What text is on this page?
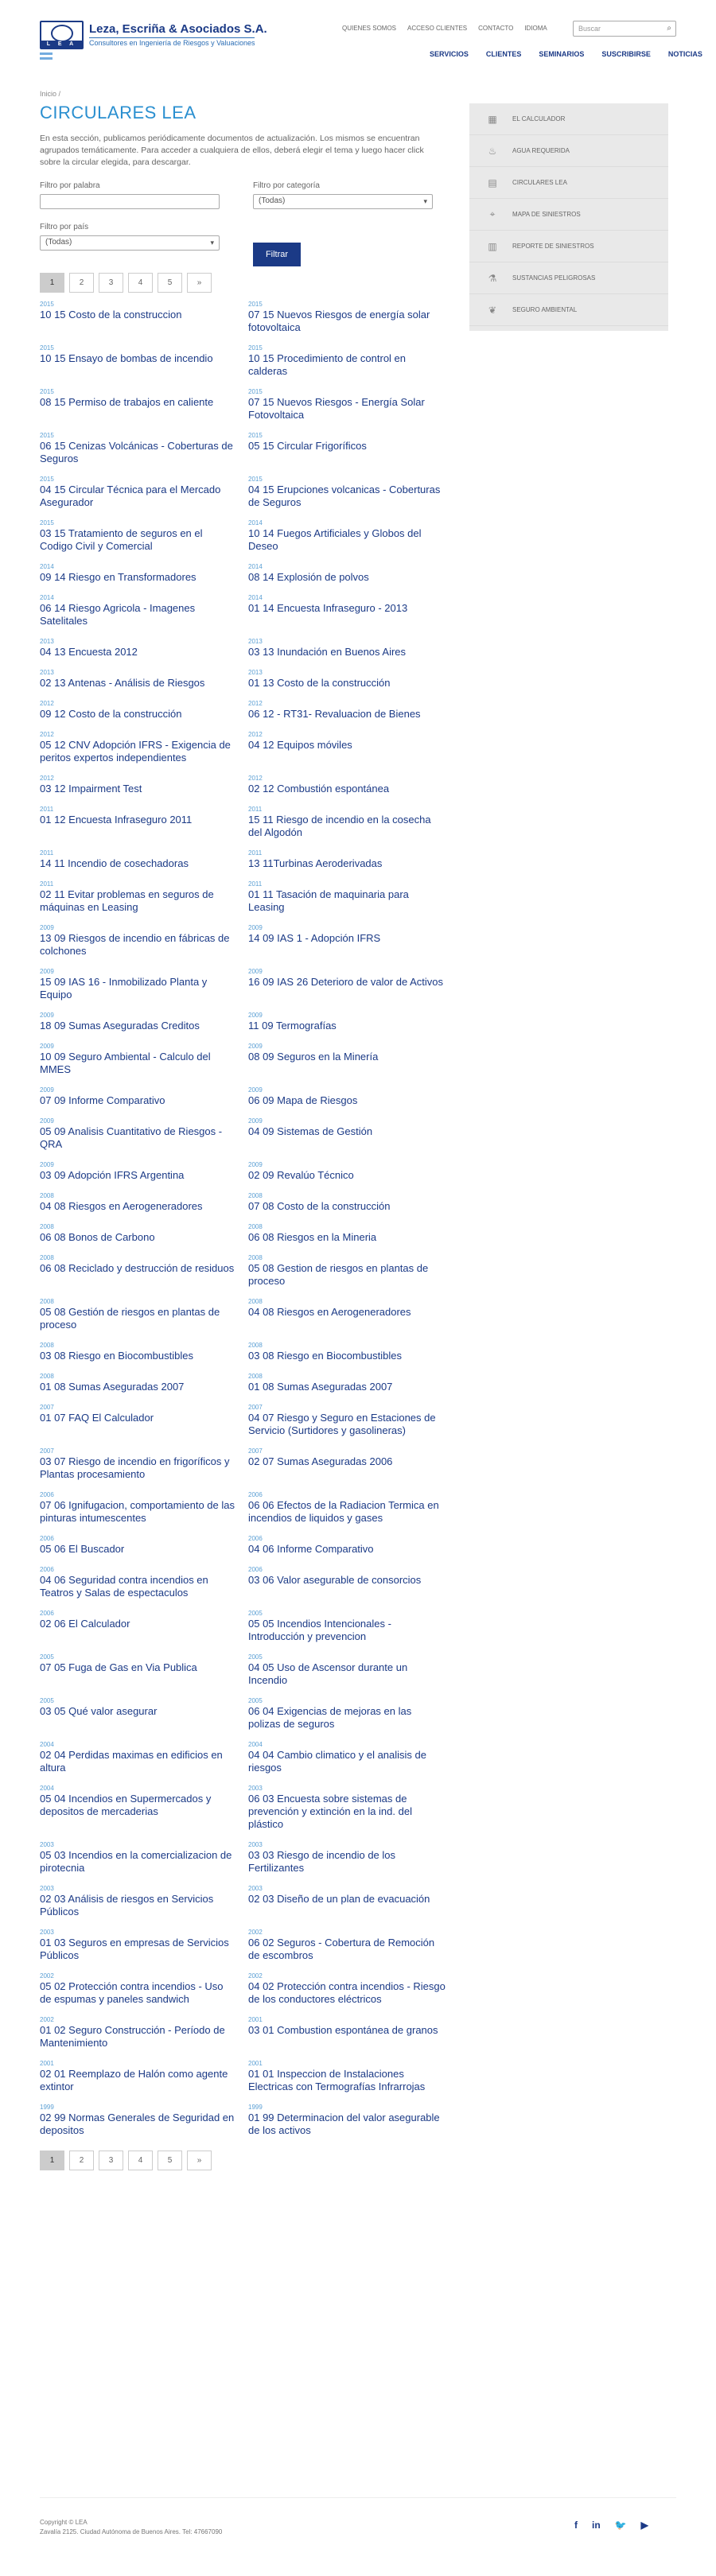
L E A
Leza, Escriña & Asociados S.A.
Consultores en Ingeniería de Riesgos y Valuaciones
QUIENES SOMOS ACCESO CLIENTES CONTACTO IDIOMA	Buscar	⌕
SERVICIOS CLIENTES SEMINARIOS SUSCRIBIRSE NOTICIAS
Inicio /
CIRCULARES LEA

En esta sección, publicamos periódicamente documentos de actualización. Los mismos se encuentran agrupados temáticamente. Para acceder a cualquiera de ellos, deberá elegir el tema y luego hacer click sobre la circular elegida, para descargar.

Filtro por palabra	Filtro por categoría
(Todas)	▾
Filtro por país
(Todas)	▾
Filtrar
1	2	3	4	5	»
2015
10 15 Costo de la construccion
2015
07 15 Nuevos Riesgos de energía solar fotovoltaica
2015
10 15 Ensayo de bombas de incendio
2015
10 15 Procedimiento de control en calderas
2015
08 15 Permiso de trabajos en caliente
2015
07 15 Nuevos Riesgos - Energía Solar Fotovoltaica
2015
06 15 Cenizas Volcánicas - Coberturas de Seguros
2015
05 15 Circular Frigoríficos
2015
04 15 Circular Técnica para el Mercado Asegurador
2015
04 15 Erupciones volcanicas - Coberturas de Seguros
2015
03 15 Tratamiento de seguros en el Codigo Civil y Comercial
2014
10 14 Fuegos Artificiales y Globos del Deseo
2014
09 14 Riesgo en Transformadores
2014
08 14 Explosión de polvos
2014
06 14 Riesgo Agricola - Imagenes Satelitales
2014
01 14 Encuesta Infraseguro - 2013
2013
04 13 Encuesta 2012
2013
03 13 Inundación en Buenos Aires
2013
02 13 Antenas - Análisis de Riesgos
2013
01 13 Costo de la construcción
2012
09 12 Costo de la construcción
2012
06 12 - RT31- Revaluacion de Bienes
2012
05 12 CNV Adopción IFRS - Exigencia de peritos expertos independientes
2012
04 12 Equipos móviles
2012
03 12 Impairment Test
2012
02 12 Combustión espontánea
2011
01 12 Encuesta Infraseguro 2011
2011
15 11 Riesgo de incendio en la cosecha del Algodón
2011
14 11 Incendio de cosechadoras
2011
13 11Turbinas Aeroderivadas
2011
02 11 Evitar problemas en seguros de máquinas en Leasing
2011
01 11 Tasación de maquinaria para Leasing
2009
13 09 Riesgos de incendio en fábricas de colchones
2009
14 09 IAS 1 - Adopción IFRS
2009
15 09 IAS 16 - Inmobilizado Planta y Equipo
2009
16 09 IAS 26 Deterioro de valor de Activos
2009
18 09 Sumas Aseguradas Creditos
2009
11 09 Termografías
2009
10 09 Seguro Ambiental - Calculo del MMES
2009
08 09 Seguros en la Minería
2009
07 09 Informe Comparativo
2009
06 09 Mapa de Riesgos
2009
05 09 Analisis Cuantitativo de Riesgos - QRA
2009
04 09 Sistemas de Gestión
2009
03 09 Adopción IFRS Argentina
2009
02 09 Revalúo Técnico
2008
04 08 Riesgos en Aerogeneradores
2008
07 08 Costo de la construcción
2008
06 08 Bonos de Carbono
2008
06 08 Riesgos en la Mineria
2008
06 08 Reciclado y destrucción de residuos
2008
05 08 Gestion de riesgos en plantas de proceso
2008
05 08 Gestión de riesgos en plantas de proceso
2008
04 08 Riesgos en Aerogeneradores
2008
03 08 Riesgo en Biocombustibles
2008
03 08 Riesgo en Biocombustibles
2008
01 08 Sumas Aseguradas 2007
2008
01 08 Sumas Aseguradas 2007
2007
01 07 FAQ El Calculador
2007
04 07 Riesgo y Seguro en Estaciones de Servicio (Surtidores y gasolineras)
2007
03 07 Riesgo de incendio en frigoríficos y Plantas procesamiento
2007
02 07 Sumas Aseguradas 2006
2006
07 06 Ignifugacion, comportamiento de las pinturas intumescentes
2006
06 06 Efectos de la Radiacion Termica en incendios de liquidos y gases
2006
05 06 El Buscador
2006
04 06 Informe Comparativo
2006
04 06 Seguridad contra incendios en Teatros y Salas de espectaculos
2006
03 06 Valor asegurable de consorcios
2006
02 06 El Calculador
2005
05 05 Incendios Intencionales - Introducción y prevencion
2005
07 05 Fuga de Gas en Via Publica
2005
04 05 Uso de Ascensor durante un Incendio
2005
03 05 Qué valor asegurar
2005
06 04 Exigencias de mejoras en las polizas de seguros
2004
02 04 Perdidas maximas en edificios en altura
2004
04 04 Cambio climatico y el analisis de riesgos
2004
05 04 Incendios en Supermercados y depositos de mercaderias
2003
06 03 Encuesta sobre sistemas de prevención y extinción en la ind. del plástico
2003
05 03 Incendios en la comercializacion de pirotecnia
2003
03 03 Riesgo de incendio de los Fertilizantes
2003
02 03 Análisis de riesgos en Servicios Públicos
2003
02 03 Diseño de un plan de evacuación
2003
01 03 Seguros en empresas de Servicios Públicos
2002
06 02 Seguros - Cobertura de Remoción de escombros
2002
05 02 Protección contra incendios - Uso de espumas y paneles sandwich
2002
04 02 Protección contra incendios - Riesgo de los conductores eléctricos
2002
01 02 Seguro Construcción - Período de Mantenimiento
2001
03 01 Combustion espontánea de granos
2001
02 01 Reemplazo de Halón como agente extintor
2001
01 01 Inspeccion de Instalaciones Electricas con Termografías Infrarrojas
1999
02 99 Normas Generales de Seguridad en depositos
1999
01 99 Determinacion del valor asegurable de los activos
1	2	3	4	5	»
▦	EL CALCULADOR
♨	AGUA REQUERIDA
▤	CIRCULARES LEA
⌖	MAPA DE SINIESTROS
▥	REPORTE DE SINIESTROS
⚗	SUSTANCIAS PELIGROSAS
❦	SEGURO AMBIENTAL
Copyright © LEA
Zavalía 2125. Ciudad Autónoma de Buenos Aires. Tel: 47667090
f in 🐦 ▶
